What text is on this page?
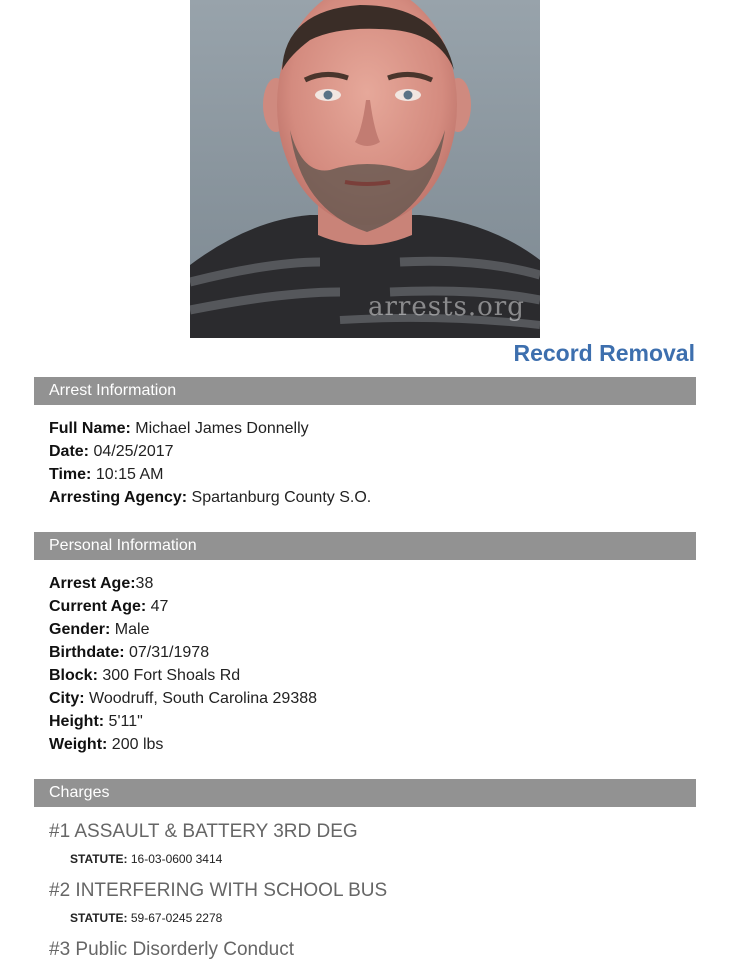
arrests.org
Record Removal
Arrest Information
Full Name: Michael James Donnelly
Date: 04/25/2017
Time: 10:15 AM
Arresting Agency: Spartanburg County S.O.
Personal Information
Arrest Age:38
Current Age: 47
Gender: Male
Birthdate: 07/31/1978
Block: 300 Fort Shoals Rd
City: Woodruff, South Carolina 29388
Height: 5'11"
Weight: 200 lbs
Charges
#1 ASSAULT & BATTERY 3RD DEG
STATUTE: 16-03-0600 3414
#2 INTERFERING WITH SCHOOL BUS
STATUTE: 59-67-0245 2278
#3 Public Disorderly Conduct
